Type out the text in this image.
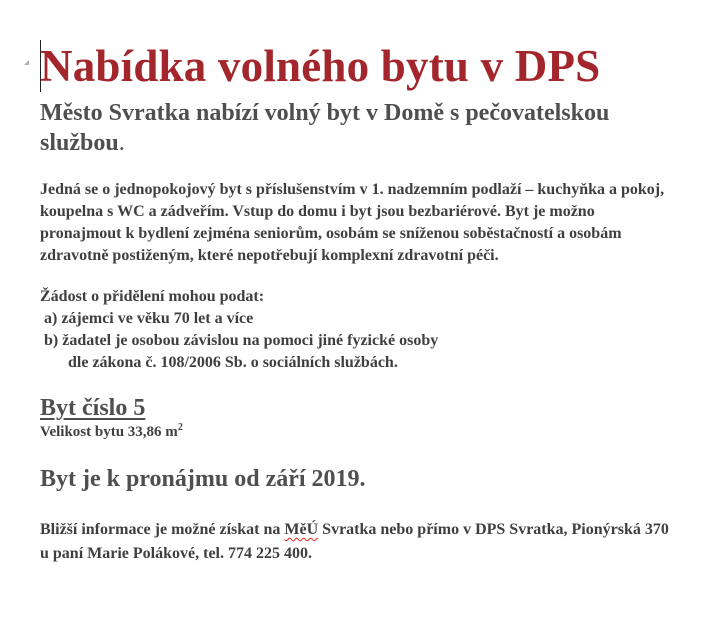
Nabídka volného bytu v DPS
Město Svratka nabízí volný byt v Domě s pečovatelskou službou.

Jedná se o jednopokojový byt s příslušenstvím v 1. nadzemním podlaží – kuchyňka a pokoj, koupelna s WC a zádveřím. Vstup do domu i byt jsou bezbariérové. Byt je možno pronajmout k bydlení zejména seniorům, osobám se sníženou soběstačností a osobám zdravotně postiženým, které nepotřebují komplexní zdravotní péči.

Žádost o přidělení mohou podat:
a) zájemci ve věku 70 let a více
b) žadatel je osobou závislou na pomoci jiné fyzické osoby
dle zákona č. 108/2006 Sb. o sociálních službách.
Byt číslo 5

Velikost bytu 33,86 $m^2$

Byt je k pronájmu od září 2019.

Bližší informace je možné získat na MěÚ Svratka nebo přímo v DPS Svratka, Pionýrská 370 u paní Marie Polákové, tel. 774 225 400.
